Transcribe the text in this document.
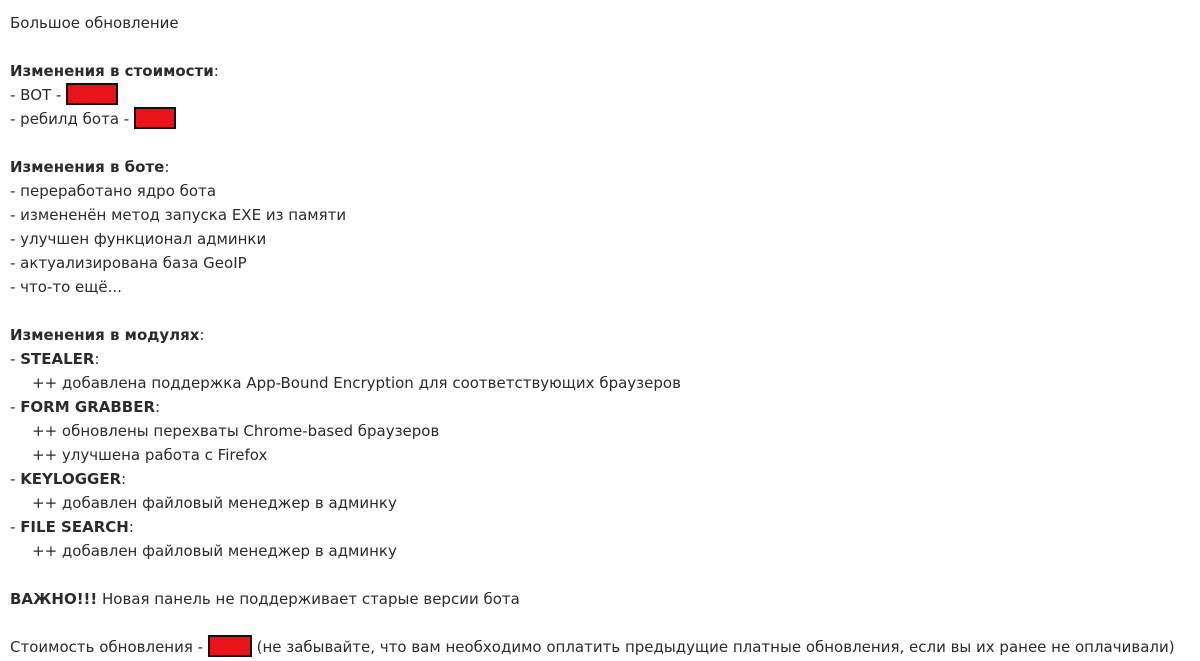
Большое обновление
Изменения в стоимости:
- BOT -
- ребилд бота -
Изменения в боте:
- переработано ядро бота
- измененён метод запуска EXE из памяти
- улучшен функционал админки
- актуализирована база GeoIP
- что-то ещё...
Изменения в модулях:
- STEALER:
++ добавлена поддержка App-Bound Encryption для соответствующих браузеров
- FORM GRABBER:
++ обновлены перехваты Chrome-based браузеров
++ улучшена работа с Firefox
- KEYLOGGER:
++ добавлен файловый менеджер в админку
- FILE SEARCH:
++ добавлен файловый менеджер в админку
ВАЖНО!!! Новая панель не поддерживает старые версии бота
Стоимость обновления -	(не забывайте, что вам необходимо оплатить предыдущие платные обновления, если вы их ранее не оплачивали)
